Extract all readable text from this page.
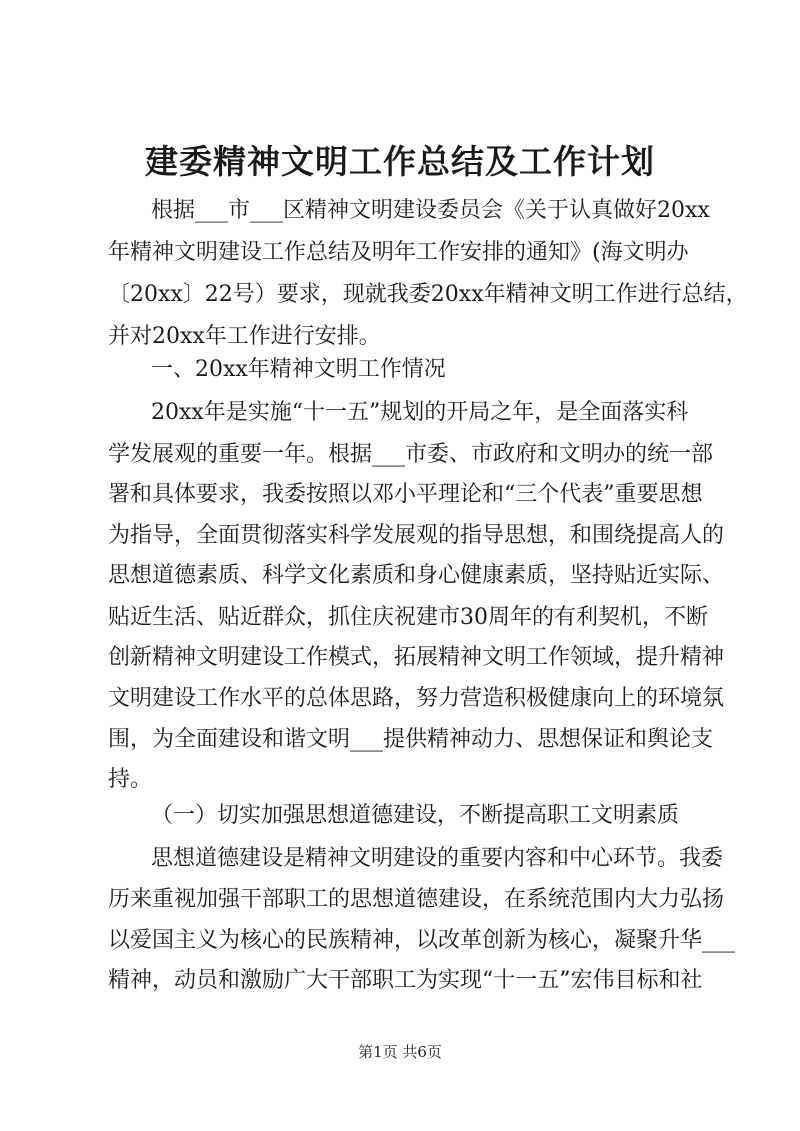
建委精神文明工作总结及工作计划
根据___市___区精神文明建设委员会《关于认真做好20xx
年精神文明建设工作总结及明年工作安排的通知》(海文明办
〔20xx〕22号）要求，现就我委20xx年精神文明工作进行总结，
并对20xx年工作进行安排。
一、20xx年精神文明工作情况
20xx年是实施“十一五”规划的开局之年，是全面落实科
学发展观的重要一年。根据___市委、市政府和文明办的统一部
署和具体要求，我委按照以邓小平理论和“三个代表”重要思想
为指导，全面贯彻落实科学发展观的指导思想，和围绕提高人的
思想道德素质、科学文化素质和身心健康素质，坚持贴近实际、
贴近生活、贴近群众，抓住庆祝建市30周年的有利契机，不断
创新精神文明建设工作模式，拓展精神文明工作领域，提升精神
文明建设工作水平的总体思路，努力营造积极健康向上的环境氛
围，为全面建设和谐文明___提供精神动力、思想保证和舆论支
持。
（一）切实加强思想道德建设，不断提高职工文明素质
思想道德建设是精神文明建设的重要内容和中心环节。我委
历来重视加强干部职工的思想道德建设，在系统范围内大力弘扬
以爱国主义为核心的民族精神，以改革创新为核心，凝聚升华___
精神，动员和激励广大干部职工为实现“十一五”宏伟目标和社
第1页 共6页
